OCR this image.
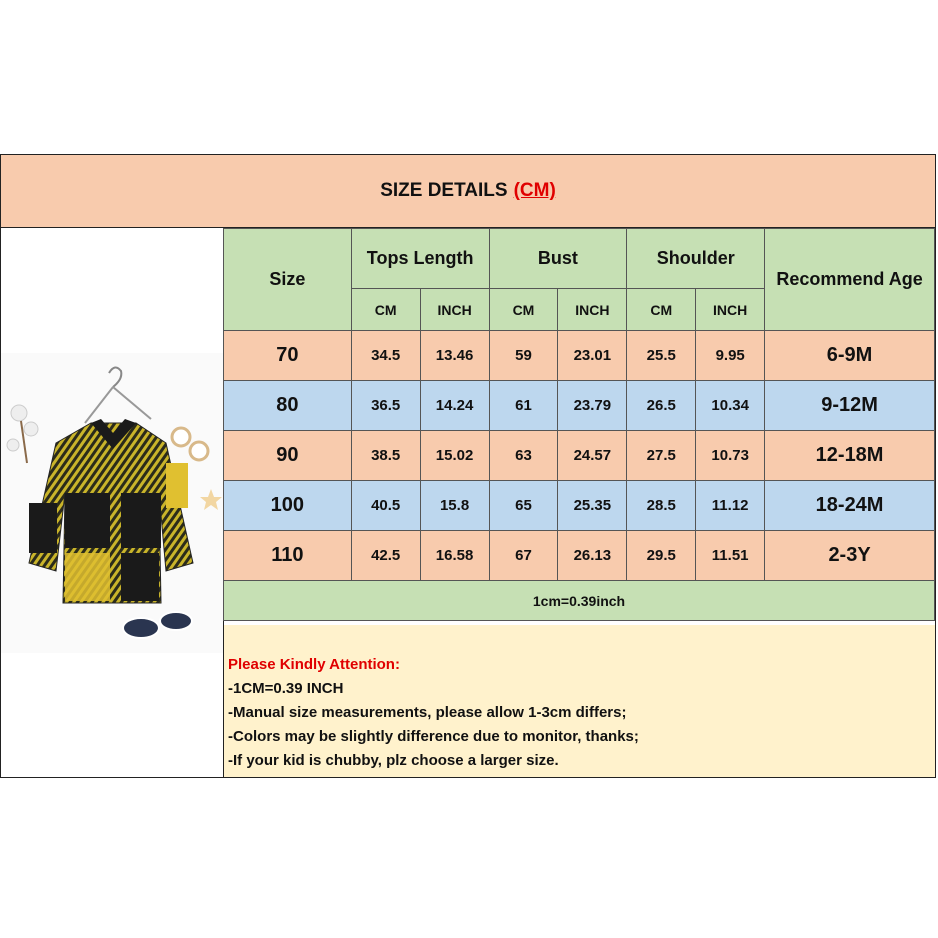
SIZE DETAILS (CM)
Size	Tops Length		Bust		Shoulder		Recommend Age
	CM	INCH	CM	INCH	CM	INCH	
70	34.5	13.46	59	23.01	25.5	9.95	6-9M
80	36.5	14.24	61	23.79	26.5	10.34	9-12M
90	38.5	15.02	63	24.57	27.5	10.73	12-18M
100	40.5	15.8	65	25.35	28.5	11.12	18-24M
110	42.5	16.58	67	26.13	29.5	11.51	2-3Y
1cm=0.39inch							
Please Kindly Attention:
-1CM=0.39 INCH
-Manual size measurements, please allow 1-3cm differs;
-Colors may be slightly difference due to monitor, thanks;
-If your kid is chubby, plz choose a larger size.
